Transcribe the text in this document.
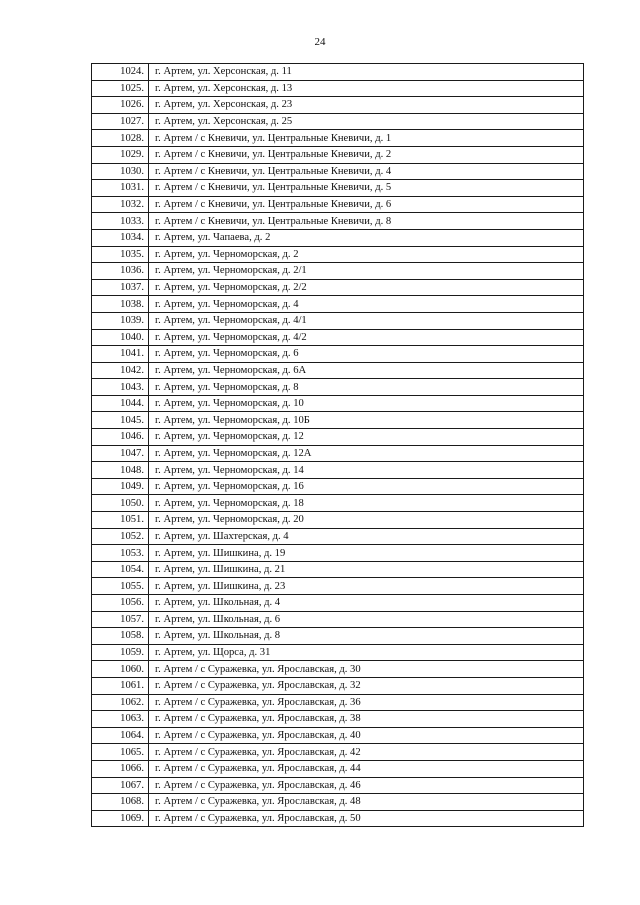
24
1024.	г. Артем, ул. Херсонская, д. 11
1025.	г. Артем, ул. Херсонская, д. 13
1026.	г. Артем, ул. Херсонская, д. 23
1027.	г. Артем, ул. Херсонская, д. 25
1028.	г. Артем / с Кневичи, ул. Центральные Кневичи, д. 1
1029.	г. Артем / с Кневичи, ул. Центральные Кневичи, д. 2
1030.	г. Артем / с Кневичи, ул. Центральные Кневичи, д. 4
1031.	г. Артем / с Кневичи, ул. Центральные Кневичи, д. 5
1032.	г. Артем / с Кневичи, ул. Центральные Кневичи, д. 6
1033.	г. Артем / с Кневичи, ул. Центральные Кневичи, д. 8
1034.	г. Артем, ул. Чапаева, д. 2
1035.	г. Артем, ул. Черноморская, д. 2
1036.	г. Артем, ул. Черноморская, д. 2/1
1037.	г. Артем, ул. Черноморская, д. 2/2
1038.	г. Артем, ул. Черноморская, д. 4
1039.	г. Артем, ул. Черноморская, д. 4/1
1040.	г. Артем, ул. Черноморская, д. 4/2
1041.	г. Артем, ул. Черноморская, д. 6
1042.	г. Артем, ул. Черноморская, д. 6А
1043.	г. Артем, ул. Черноморская, д. 8
1044.	г. Артем, ул. Черноморская, д. 10
1045.	г. Артем, ул. Черноморская, д. 10Б
1046.	г. Артем, ул. Черноморская, д. 12
1047.	г. Артем, ул. Черноморская, д. 12А
1048.	г. Артем, ул. Черноморская, д. 14
1049.	г. Артем, ул. Черноморская, д. 16
1050.	г. Артем, ул. Черноморская, д. 18
1051.	г. Артем, ул. Черноморская, д. 20
1052.	г. Артем, ул. Шахтерская, д. 4
1053.	г. Артем, ул. Шишкина, д. 19
1054.	г. Артем, ул. Шишкина, д. 21
1055.	г. Артем, ул. Шишкина, д. 23
1056.	г. Артем, ул. Школьная, д. 4
1057.	г. Артем, ул. Школьная, д. 6
1058.	г. Артем, ул. Школьная, д. 8
1059.	г. Артем, ул. Щорса, д. 31
1060.	г. Артем / с Суражевка, ул. Ярославская, д. 30
1061.	г. Артем / с Суражевка, ул. Ярославская, д. 32
1062.	г. Артем / с Суражевка, ул. Ярославская, д. 36
1063.	г. Артем / с Суражевка, ул. Ярославская, д. 38
1064.	г. Артем / с Суражевка, ул. Ярославская, д. 40
1065.	г. Артем / с Суражевка, ул. Ярославская, д. 42
1066.	г. Артем / с Суражевка, ул. Ярославская, д. 44
1067.	г. Артем / с Суражевка, ул. Ярославская, д. 46
1068.	г. Артем / с Суражевка, ул. Ярославская, д. 48
1069.	г. Артем / с Суражевка, ул. Ярославская, д. 50
